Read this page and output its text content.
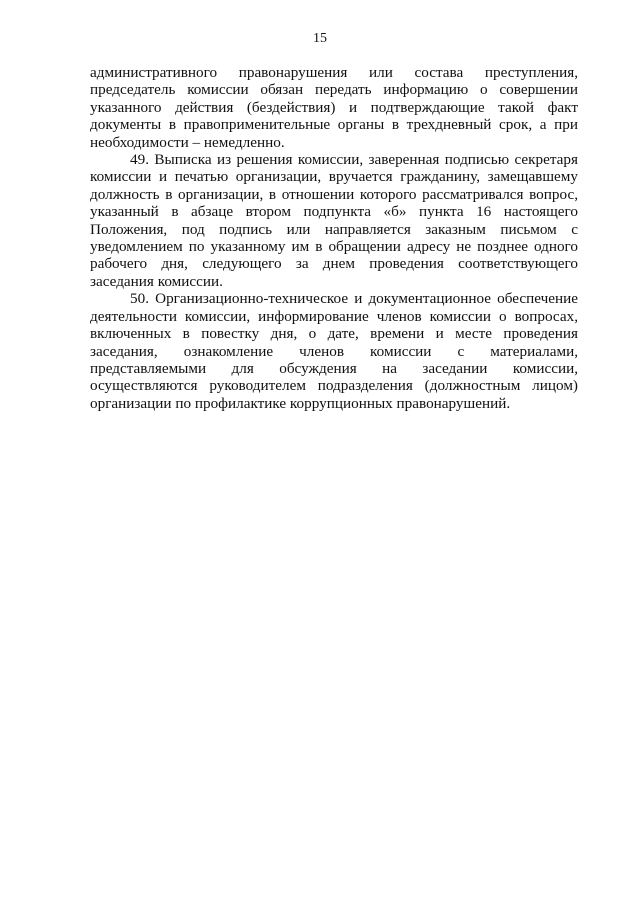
15

административного правонарушения или состава преступления, председатель комиссии обязан передать информацию о совершении указанного действия (бездействия) и подтверждающие такой факт документы в правоприменительные органы в трехдневный срок, а при необходимости – немедленно.

49. Выписка из решения комиссии, заверенная подписью секретаря комиссии и печатью организации, вручается гражданину, замещавшему должность в организации, в отношении которого рассматривался вопрос, указанный в абзаце втором подпункта «б» пункта 16 настоящего Положения, под подпись или направляется заказным письмом с уведомлением по указанному им в обращении адресу не позднее одного рабочего дня, следующего за днем проведения соответствующего заседания комиссии.

50. Организационно-техническое и документационное обеспечение деятельности комиссии, информирование членов комиссии о вопросах, включенных в повестку дня, о дате, времени и месте проведения заседания, ознакомление членов комиссии с материалами, представляемыми для обсуждения на заседании комиссии, осуществляются руководителем подразделения (должностным лицом) организации по профилактике коррупционных правонарушений.
